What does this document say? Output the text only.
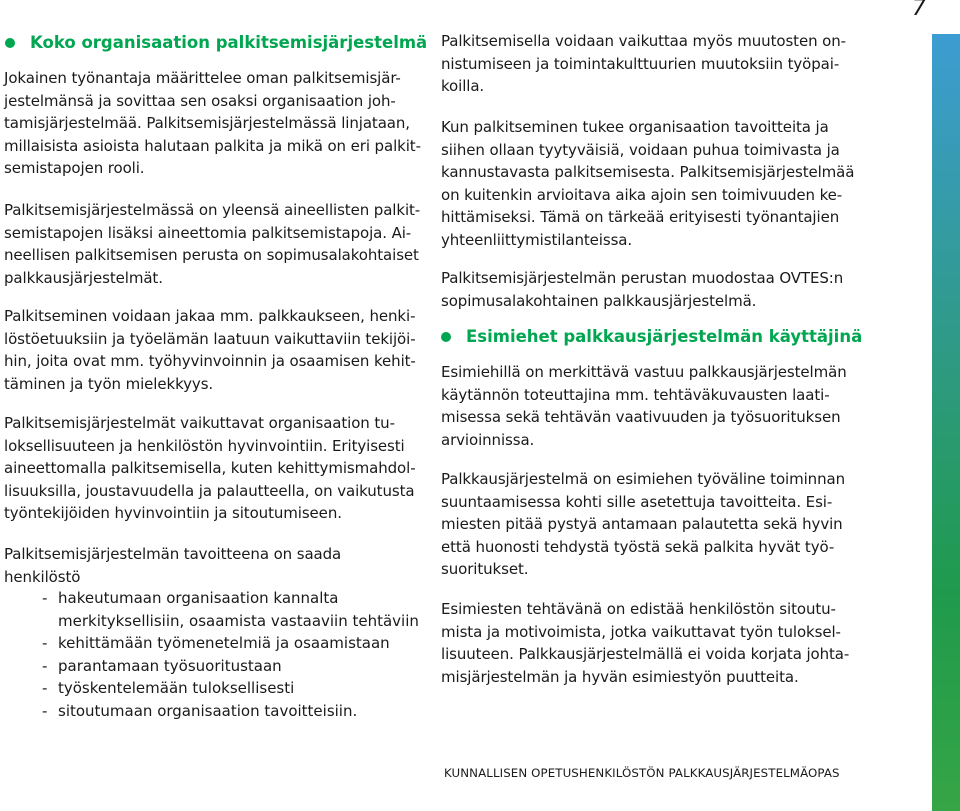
7
Koko organisaation palkitsemisjärjestelmä

Jokainen työnantaja määrittelee oman palkitsemisjär-
jestelmänsä ja sovittaa sen osaksi organisaation joh-
tamisjärjestelmää. Palkitsemisjärjestelmässä linjataan,
millaisista asioista halutaan palkita ja mikä on eri palkit-
semistapojen rooli.

Palkitsemisjärjestelmässä on yleensä aineellisten palkit-
semistapojen lisäksi aineettomia palkitsemistapoja. Ai-
neellisen palkitsemisen perusta on sopimusalakohtaiset
palkkausjärjestelmät.

Palkitseminen voidaan jakaa mm. palkkaukseen, henki-
löstöetuuksiin ja työelämän laatuun vaikuttaviin tekijöi-
hin, joita ovat mm. työhyvinvoinnin ja osaamisen kehit-
täminen ja työn mielekkyys.

Palkitsemisjärjestelmät vaikuttavat organisaation tu-
loksellisuuteen ja henkilöstön hyvinvointiin. Erityisesti
aineettomalla palkitsemisella, kuten kehittymismahdol-
lisuuksilla, joustavuudella ja palautteella, on vaikutusta
työntekijöiden hyvinvointiin ja sitoutumiseen.

Palkitsemisjärjestelmän tavoitteena on saada
henkilöstö

- hakeutumaan organisaation kannalta
merkityksellisiin, osaamista vastaaviin tehtäviin
- kehittämään työmenetelmiä ja osaamistaan
- parantamaan työsuoritustaan
- työskentelemään tuloksellisesti
- sitoutumaan organisaation tavoitteisiin.

Palkitsemisella voidaan vaikuttaa myös muutosten on-
nistumiseen ja toimintakulttuurien muutoksiin työpai-
koilla.

Kun palkitseminen tukee organisaation tavoitteita ja
siihen ollaan tyytyväisiä, voidaan puhua toimivasta ja
kannustavasta palkitsemisesta. Palkitsemisjärjestelmää
on kuitenkin arvioitava aika ajoin sen toimivuuden ke-
hittämiseksi. Tämä on tärkeää erityisesti työnantajien
yhteenliittymistilanteissa.

Palkitsemisjärjestelmän perustan muodostaa OVTES:n
sopimusalakohtainen palkkausjärjestelmä.

Esimiehet palkkausjärjestelmän käyttäjinä

Esimiehillä on merkittävä vastuu palkkausjärjestelmän
käytännön toteuttajina mm. tehtäväkuvausten laati-
misessa sekä tehtävän vaativuuden ja työsuorituksen
arvioinnissa.

Palkkausjärjestelmä on esimiehen työväline toiminnan
suuntaamisessa kohti sille asetettuja tavoitteita. Esi-
miesten pitää pystyä antamaan palautetta sekä hyvin
että huonosti tehdystä työstä sekä palkita hyvät työ-
suoritukset.

Esimiesten tehtävänä on edistää henkilöstön sitoutu-
mista ja motivoimista, jotka vaikuttavat työn tuloksel-
lisuuteen. Palkkausjärjestelmällä ei voida korjata johta-
misjärjestelmän ja hyvän esimiestyön puutteita.

KUNNALLISEN OPETUSHENKILÖSTÖN PALKKAUSJÄRJESTELMÄOPAS
